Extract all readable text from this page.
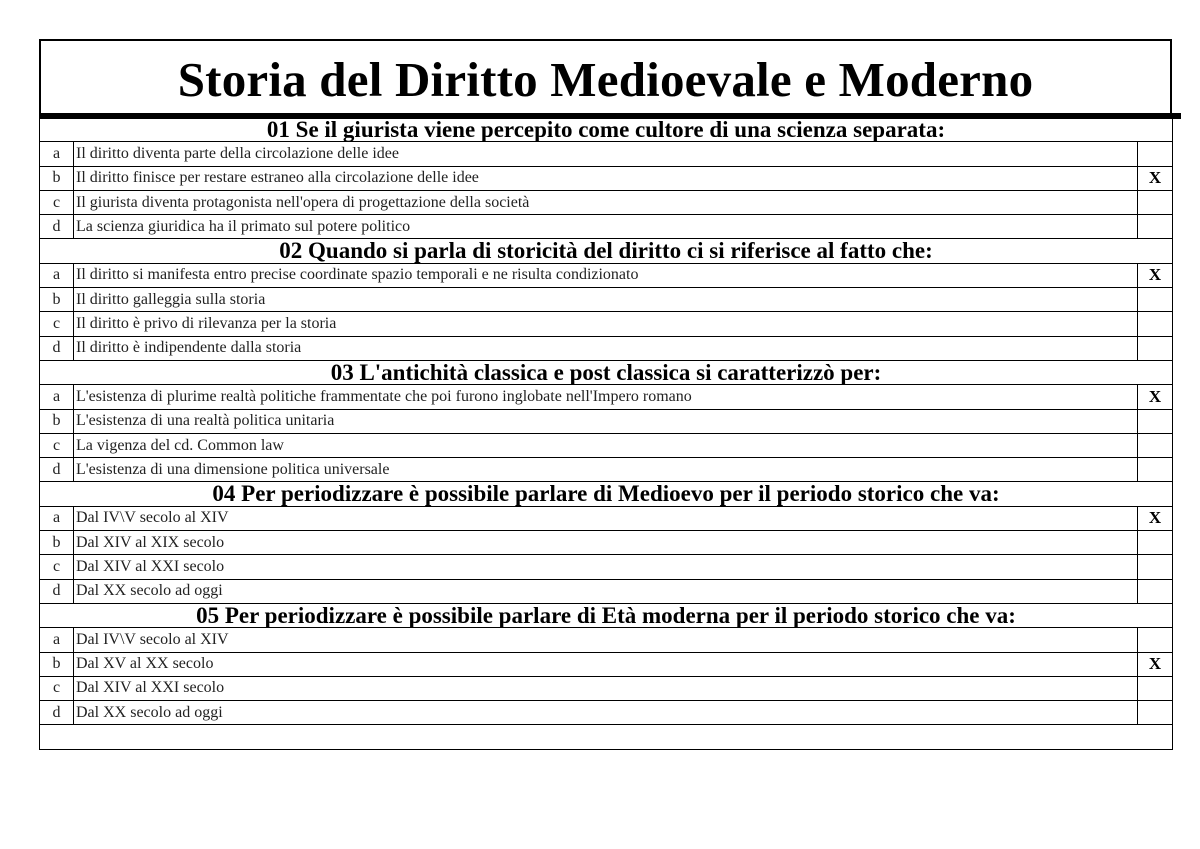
Storia del Diritto Medioevale e Moderno
01 Se il giurista viene percepito come cultore di una scienza separata:		
a	Il diritto diventa parte della circolazione delle idee	
b	Il diritto finisce per restare estraneo alla circolazione delle idee	X
c	Il giurista diventa protagonista nell'opera di progettazione della società	
d	La scienza giuridica ha il primato sul potere politico	
02 Quando si parla di storicità del diritto ci si riferisce al fatto che:		
a	Il diritto si manifesta entro precise coordinate spazio temporali e ne risulta condizionato	X
b	Il diritto galleggia sulla storia	
c	Il diritto è privo di rilevanza per la storia	
d	Il diritto è indipendente dalla storia	
03 L'antichità classica e post classica si caratterizzò per:		
a	L'esistenza di plurime realtà politiche frammentate che poi furono inglobate nell'Impero romano	X
b	L'esistenza di una realtà politica unitaria	
c	La vigenza del cd. Common law	
d	L'esistenza di una dimensione politica universale	
04 Per periodizzare è possibile parlare di Medioevo per il periodo storico che va:		
a	Dal IV\V secolo al XIV	X
b	Dal XIV al XIX secolo	
c	Dal XIV al XXI secolo	
d	Dal XX secolo ad oggi	
05 Per periodizzare è possibile parlare di Età moderna per il periodo storico che va:		
a	Dal IV\V secolo al XIV	
b	Dal XV al XX secolo	X
c	Dal XIV al XXI secolo	
d	Dal XX secolo ad oggi	
